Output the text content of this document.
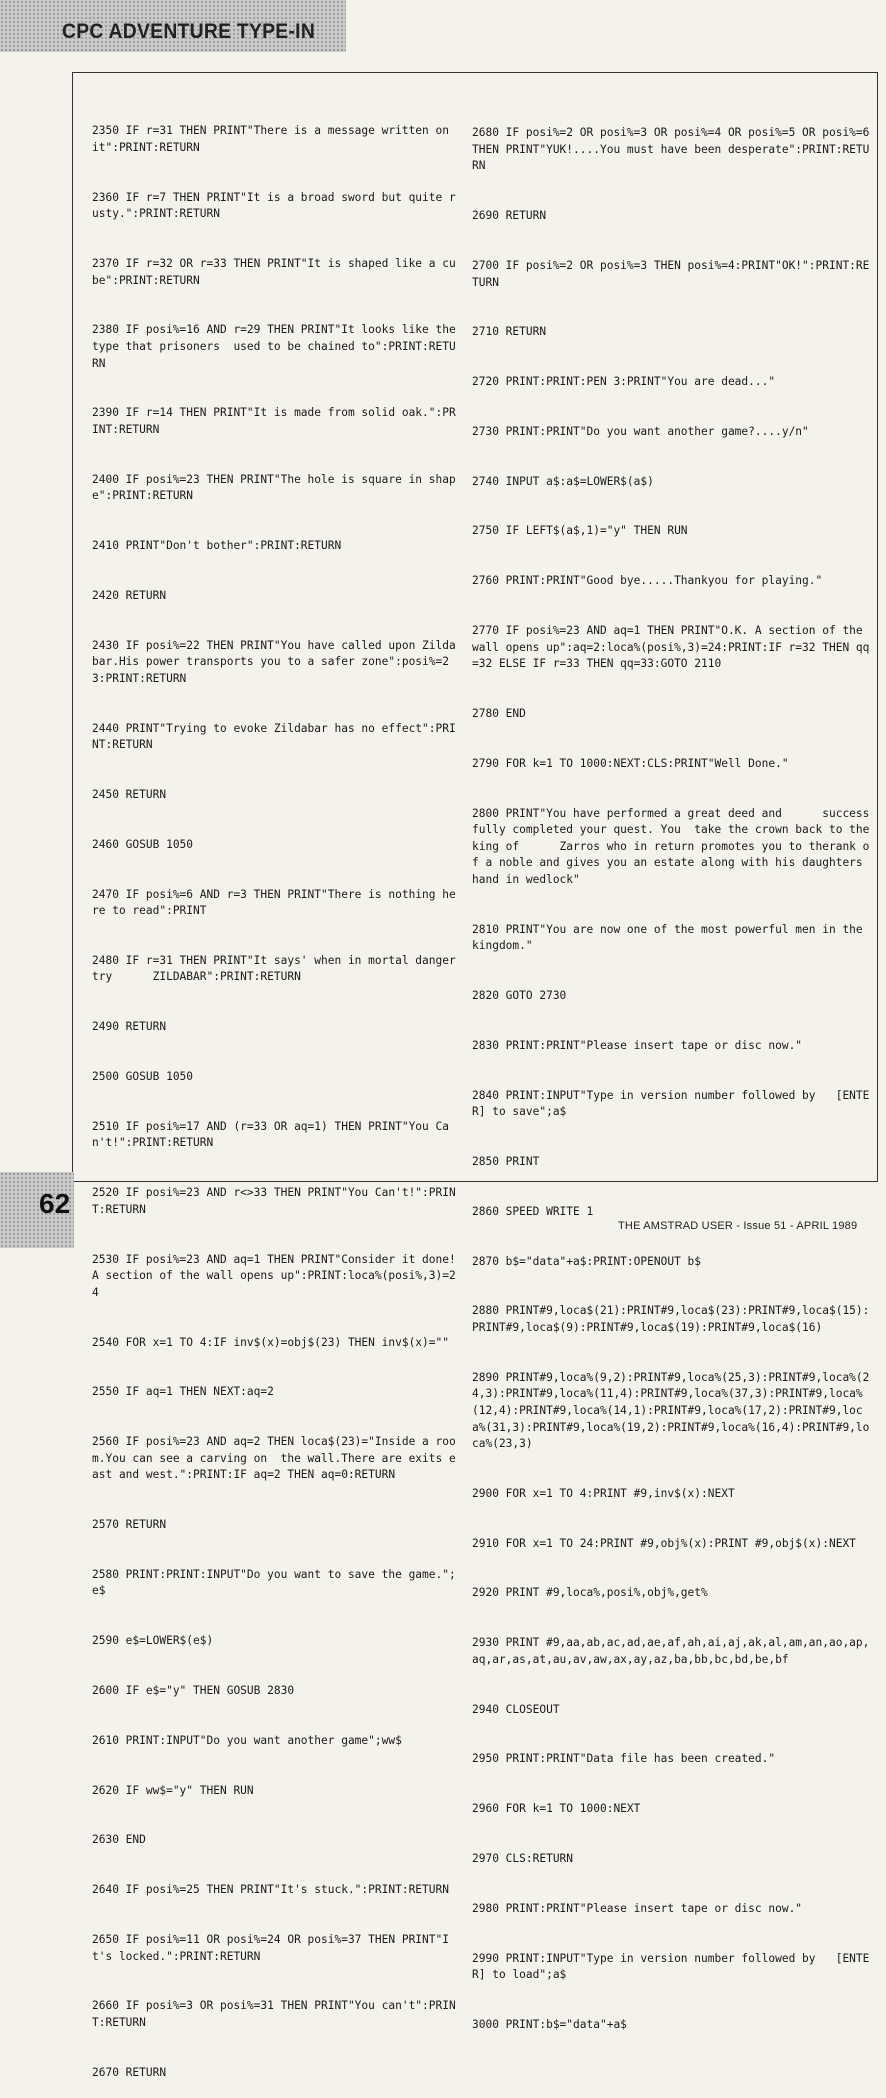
CPC ADVENTURE TYPE-IN

2350 IF r=31 THEN PRINT"There is a message written on it":PRINT:RETURN

2360 IF r=7 THEN PRINT"It is a broad sword but quite rusty.":PRINT:RETURN

2370 IF r=32 OR r=33 THEN PRINT"It is shaped like a cube":PRINT:RETURN

2380 IF posi%=16 AND r=29 THEN PRINT"It looks like the type that prisoners  used to be chained to":PRINT:RETURN

2390 IF r=14 THEN PRINT"It is made from solid oak.":PRINT:RETURN

2400 IF posi%=23 THEN PRINT"The hole is square in shape":PRINT:RETURN

2410 PRINT"Don't bother":PRINT:RETURN

2420 RETURN

2430 IF posi%=22 THEN PRINT"You have called upon Zildabar.His power transports you to a safer zone":posi%=23:PRINT:RETURN

2440 PRINT"Trying to evoke Zildabar has no effect":PRINT:RETURN

2450 RETURN

2460 GOSUB 1050

2470 IF posi%=6 AND r=3 THEN PRINT"There is nothing here to read":PRINT

2480 IF r=31 THEN PRINT"It says' when in mortal danger try      ZILDABAR":PRINT:RETURN

2490 RETURN

2500 GOSUB 1050

2510 IF posi%=17 AND (r=33 OR aq=1) THEN PRINT"You Can't!":PRINT:RETURN

2520 IF posi%=23 AND r<>33 THEN PRINT"You Can't!":PRINT:RETURN

2530 IF posi%=23 AND aq=1 THEN PRINT"Consider it done! A section of the wall opens up":PRINT:loca%(posi%,3)=24

2540 FOR x=1 TO 4:IF inv$(x)=obj$(23) THEN inv$(x)=""

2550 IF aq=1 THEN NEXT:aq=2

2560 IF posi%=23 AND aq=2 THEN loca$(23)="Inside a room.You can see a carving on  the wall.There are exits east and west.":PRINT:IF aq=2 THEN aq=0:RETURN

2570 RETURN

2580 PRINT:PRINT:INPUT"Do you want to save the game.";e$

2590 e$=LOWER$(e$)

2600 IF e$="y" THEN GOSUB 2830

2610 PRINT:INPUT"Do you want another game";ww$

2620 IF ww$="y" THEN RUN

2630 END

2640 IF posi%=25 THEN PRINT"It's stuck.":PRINT:RETURN

2650 IF posi%=11 OR posi%=24 OR posi%=37 THEN PRINT"It's locked.":PRINT:RETURN

2660 IF posi%=3 OR posi%=31 THEN PRINT"You can't":PRINT:RETURN

2670 RETURN

2680 IF posi%=2 OR posi%=3 OR posi%=4 OR posi%=5 OR posi%=6 THEN PRINT"YUK!....You must have been desperate":PRINT:RETURN

2690 RETURN

2700 IF posi%=2 OR posi%=3 THEN posi%=4:PRINT"OK!":PRINT:RETURN

2710 RETURN

2720 PRINT:PRINT:PEN 3:PRINT"You are dead..."

2730 PRINT:PRINT"Do you want another game?....y/n"

2740 INPUT a$:a$=LOWER$(a$)

2750 IF LEFT$(a$,1)="y" THEN RUN

2760 PRINT:PRINT"Good bye.....Thankyou for playing."

2770 IF posi%=23 AND aq=1 THEN PRINT"O.K. A section of the wall opens up":aq=2:loca%(posi%,3)=24:PRINT:IF r=32 THEN qq=32 ELSE IF r=33 THEN qq=33:GOTO 2110

2780 END

2790 FOR k=1 TO 1000:NEXT:CLS:PRINT"Well Done."

2800 PRINT"You have performed a great deed and      successfully completed your quest. You  take the crown back to the king of      Zarros who in return promotes you to therank of a noble and gives you an estate along with his daughters hand in wedlock"

2810 PRINT"You are now one of the most powerful men in the kingdom."

2820 GOTO 2730

2830 PRINT:PRINT"Please insert tape or disc now."

2840 PRINT:INPUT"Type in version number followed by   [ENTER] to save";a$

2850 PRINT

2860 SPEED WRITE 1

2870 b$="data"+a$:PRINT:OPENOUT b$

2880 PRINT#9,loca$(21):PRINT#9,loca$(23):PRINT#9,loca$(15):PRINT#9,loca$(9):PRINT#9,loca$(19):PRINT#9,loca$(16)

2890 PRINT#9,loca%(9,2):PRINT#9,loca%(25,3):PRINT#9,loca%(24,3):PRINT#9,loca%(11,4):PRINT#9,loca%(37,3):PRINT#9,loca%(12,4):PRINT#9,loca%(14,1):PRINT#9,loca%(17,2):PRINT#9,loca%(31,3):PRINT#9,loca%(19,2):PRINT#9,loca%(16,4):PRINT#9,loca%(23,3)

2900 FOR x=1 TO 4:PRINT #9,inv$(x):NEXT

2910 FOR x=1 TO 24:PRINT #9,obj%(x):PRINT #9,obj$(x):NEXT

2920 PRINT #9,loca%,posi%,obj%,get%

2930 PRINT #9,aa,ab,ac,ad,ae,af,ah,ai,aj,ak,al,am,an,ao,ap,aq,ar,as,at,au,av,aw,ax,ay,az,ba,bb,bc,bd,be,bf

2940 CLOSEOUT

2950 PRINT:PRINT"Data file has been created."

2960 FOR k=1 TO 1000:NEXT

2970 CLS:RETURN

2980 PRINT:PRINT"Please insert tape or disc now."

2990 PRINT:INPUT"Type in version number followed by   [ENTER] to load";a$

3000 PRINT:b$="data"+a$

62
THE AMSTRAD USER - Issue 51 - APRIL 1989
